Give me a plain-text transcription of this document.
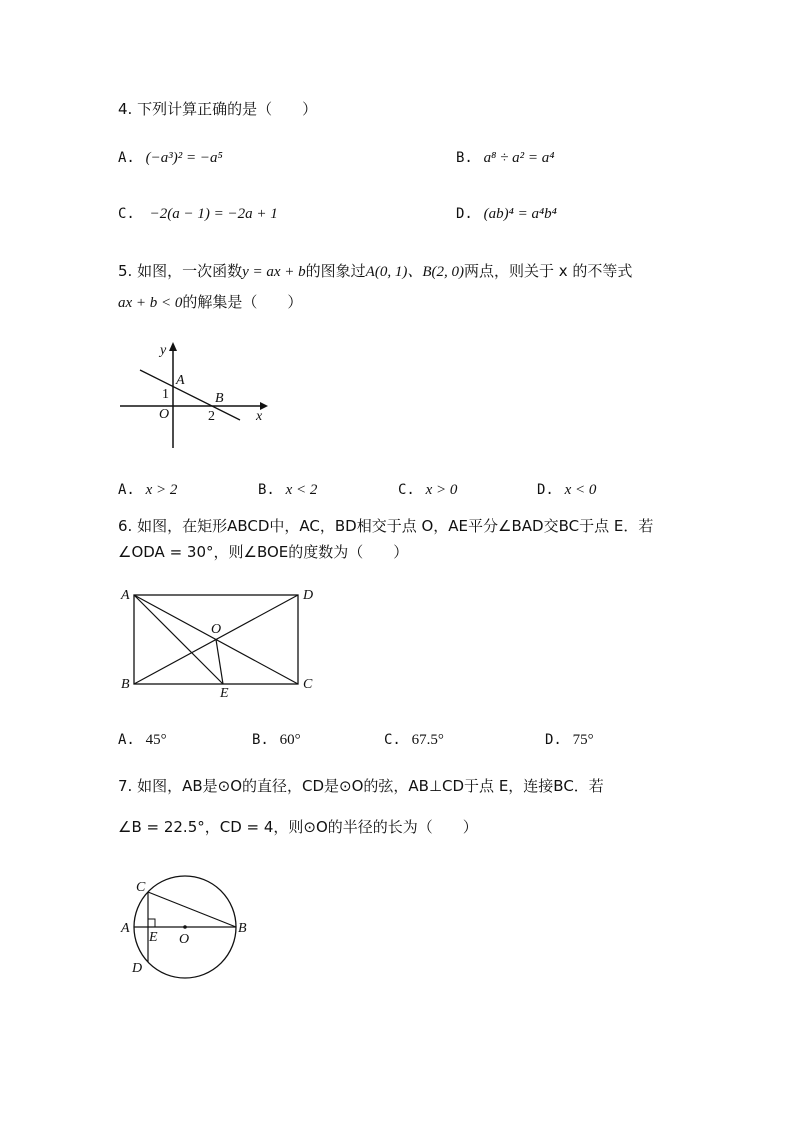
4. 下列计算正确的是（　　）
A. (−a³)² = −a⁵	B. a⁸ ÷ a² = a⁴
C. −2(a − 1) = −2a + 1	D. (ab)⁴ = a⁴b⁴
5. 如图，一次函数y = ax + b的图象过A(0, 1)、B(2, 0)两点，则关于 x 的不等式
ax + b < 0的解集是（　　）
y
x
O
A
B
1
2
A. x > 2	B. x < 2	C. x > 0	D. x < 0
6. 如图，在矩形ABCD中，AC，BD相交于点 O，AE平分∠BAD交BC于点 E．若
∠ODA = 30°，则∠BOE的度数为（　　）
A
B	C
D
O
E
A. 45°	B. 60°	C. 67.5°	D. 75°
7. 如图，AB是⊙O的直径，CD是⊙O的弦，AB⊥CD于点 E，连接BC．若
∠B = 22.5°，CD = 4，则⊙O的半径的长为（　　）
C
A	B
D
E O
